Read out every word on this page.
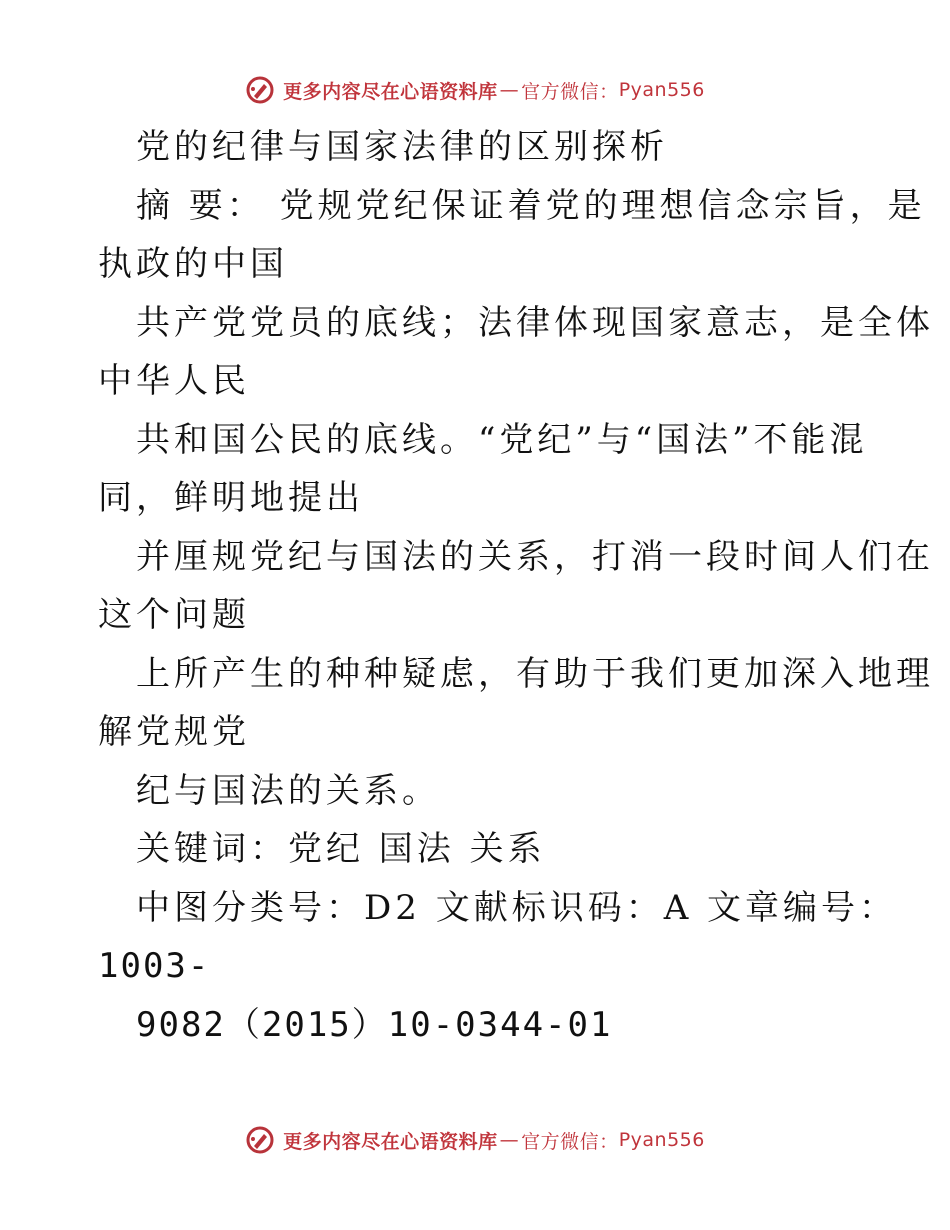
更多内容尽在心语资料库 — 官方微信： Pyan556
党的纪律与国家法律的区别探析
摘 要： 党规党纪保证着党的理想信念宗旨，是
执政的中国
共产党党员的底线；法律体现国家意志，是全体
中华人民
共和国公民的底线。“党纪”与“国法”不能混
同，鲜明地提出
并厘规党纪与国法的关系，打消一段时间人们在
这个问题
上所产生的种种疑虑，有助于我们更加深入地理
解党规党
纪与国法的关系。
关键词：党纪 国法 关系
中图分类号：D2 文献标识码：A 文章编号：
1003-
9082（2015）10-0344-01
更多内容尽在心语资料库 — 官方微信： Pyan556
